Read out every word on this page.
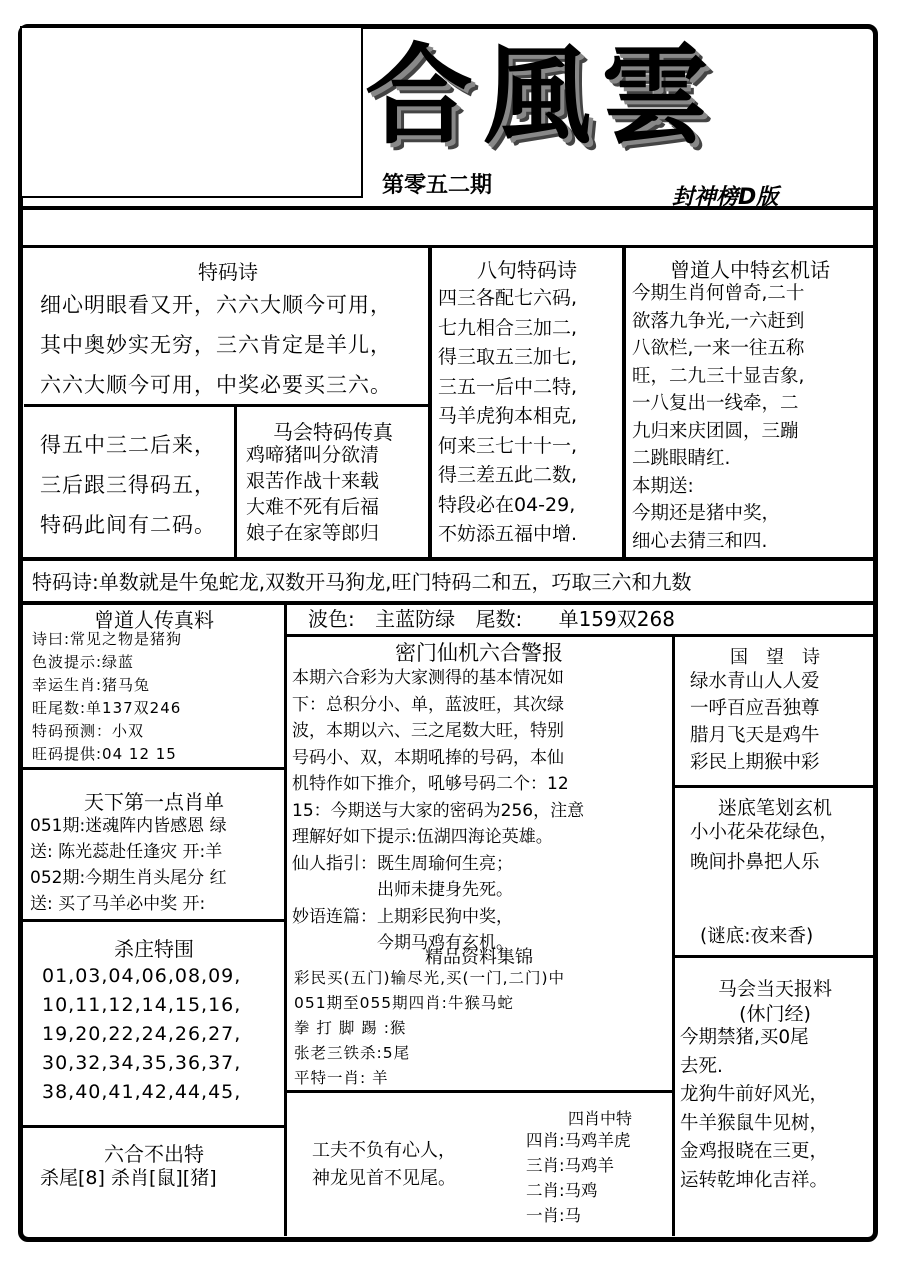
合風雲
第零五二期	封神榜D版
特码诗
细心明眼看又开，六六大顺今可用，
其中奥妙实无穷，三六肯定是羊儿，
六六大顺今可用，中奖必要买三六。
得五中三二后来，
三后跟三得码五，
特码此间有二码。
马会特码传真
鸡啼猪叫分欲清
艰苦作战十来载
大难不死有后福
娘子在家等郎归
八句特码诗
四三各配七六码,
七九相合三加二,
得三取五三加七,
三五一后中二特,
马羊虎狗本相克,
何来三七十十一,
得三差五此二数,
特段必在04-29,
不妨添五福中增.
曾道人中特玄机话
今期生肖何曾奇,二十
欲落九争光,一六赶到
八欲栏,一来一往五称
旺，二九三十显吉象,
一八复出一线牵，二
九归来庆团圆，三蹦
二跳眼睛红.
本期送:
今期还是猪中奖，
细心去猜三和四.
特码诗:单数就是牛兔蛇龙,双数开马狗龙,旺门特码二和五，巧取三六和九数
曾道人传真料
诗曰:常见之物是猪狗
色波提示:绿蓝
幸运生肖:猪马兔
旺尾数:单137双246
特码预测：小双
旺码提供:04 12 15
天下第一点肖单
051期:迷魂阵内皆感恩 绿
送: 陈光蕊赴任逢灾 开:羊
052期:今期生肖头尾分 红
送: 买了马羊必中奖 开:
杀庄特围
01,03,04,06,08,09,
10,11,12,14,15,16,
19,20,22,24,26,27,
30,32,34,35,36,37,
38,40,41,42,44,45,
六合不出特
杀尾[8] 杀肖[鼠][猪]
波色: 主蓝防绿 尾数: 单159双268
密门仙机六合警报
本期六合彩为大家测得的基本情况如
下：总积分小、单，蓝波旺，其次绿
波，本期以六、三之尾数大旺，特别
号码小、双，本期吼捧的号码，本仙
机特作如下推介，吼够号码二个：12
15：今期送与大家的密码为256，注意
理解好如下提示:伍湖四海论英雄。
仙人指引：既生周瑜何生亮；
　　　　　出师未捷身先死。
妙语连篇：上期彩民狗中奖，
　　　　　今期马鸡有玄机。
精品资料集锦
彩民买(五门)输尽光,买(一门,二门)中
051期至055期四肖:牛猴马蛇
拳 打 脚 踢 :猴
张老三铁杀:5尾
平特一肖: 羊
工夫不负有心人，
神龙见首不见尾。
四肖中特
四肖:马鸡羊虎
三肖:马鸡羊
二肖:马鸡
一肖:马
国　望　诗
绿水青山人人爱
一呼百应吾独尊
腊月飞天是鸡牛
彩民上期猴中彩
迷底笔划玄机
小小花朵花绿色，
晚间扑鼻把人乐
(谜底:夜来香)
马会当天报料
(休门经)
今期禁猪,买0尾
去死.
龙狗牛前好风光，
牛羊猴鼠牛见树，
金鸡报晓在三更，
运转乾坤化吉祥。
